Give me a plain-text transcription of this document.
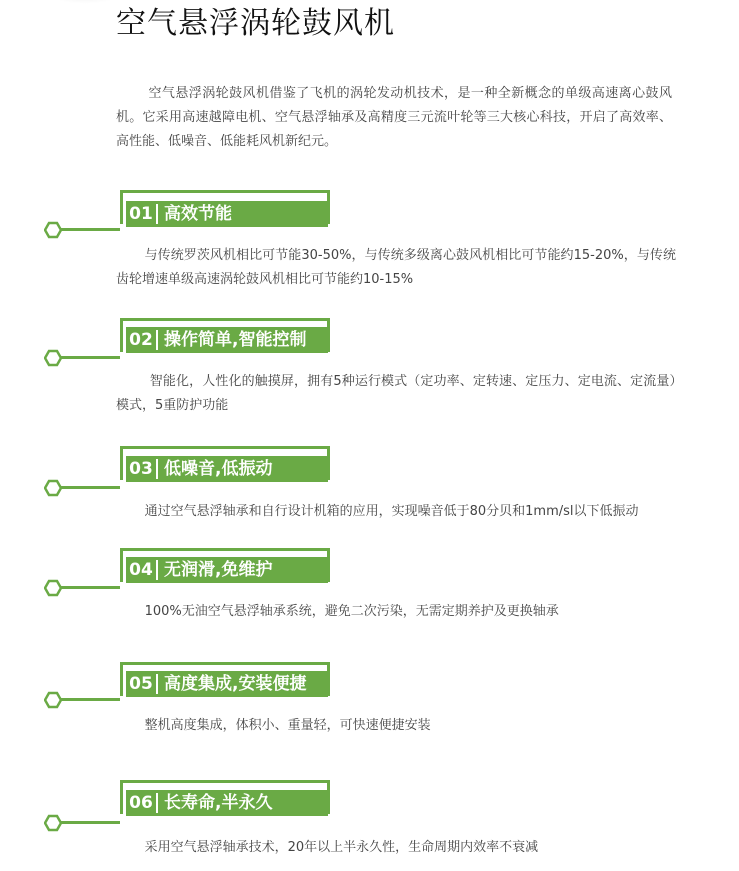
空气悬浮涡轮鼓风机

空气悬浮涡轮鼓风机借鉴了飞机的涡轮发动机技术，是一种全新概念的单级高速离心鼓风机。它采用高速越障电机、空气悬浮轴承及高精度三元流叶轮等三大核心科技，开启了高效率、高性能、低噪音、低能耗风机新纪元。

01 高效节能

与传统罗茨风机相比可节能30-50%，与传统多级离心鼓风机相比可节能约15-20%，与传统齿轮增速单级高速涡轮鼓风机相比可节能约10-15%

02 操作简单,智能控制

智能化，人性化的触摸屏，拥有5种运行模式（定功率、定转速、定压力、定电流、定流量）模式，5重防护功能

03 低噪音,低振动

通过空气悬浮轴承和自行设计机箱的应用，实现噪音低于80分贝和1mm/sl以下低振动

04 无润滑,免维护

100%无油空气悬浮轴承系统，避免二次污染，无需定期养护及更换轴承

05 高度集成,安装便捷

整机高度集成，体积小、重量轻，可快速便捷安装

06 长寿命,半永久

采用空气悬浮轴承技术，20年以上半永久性，生命周期内效率不衰减
